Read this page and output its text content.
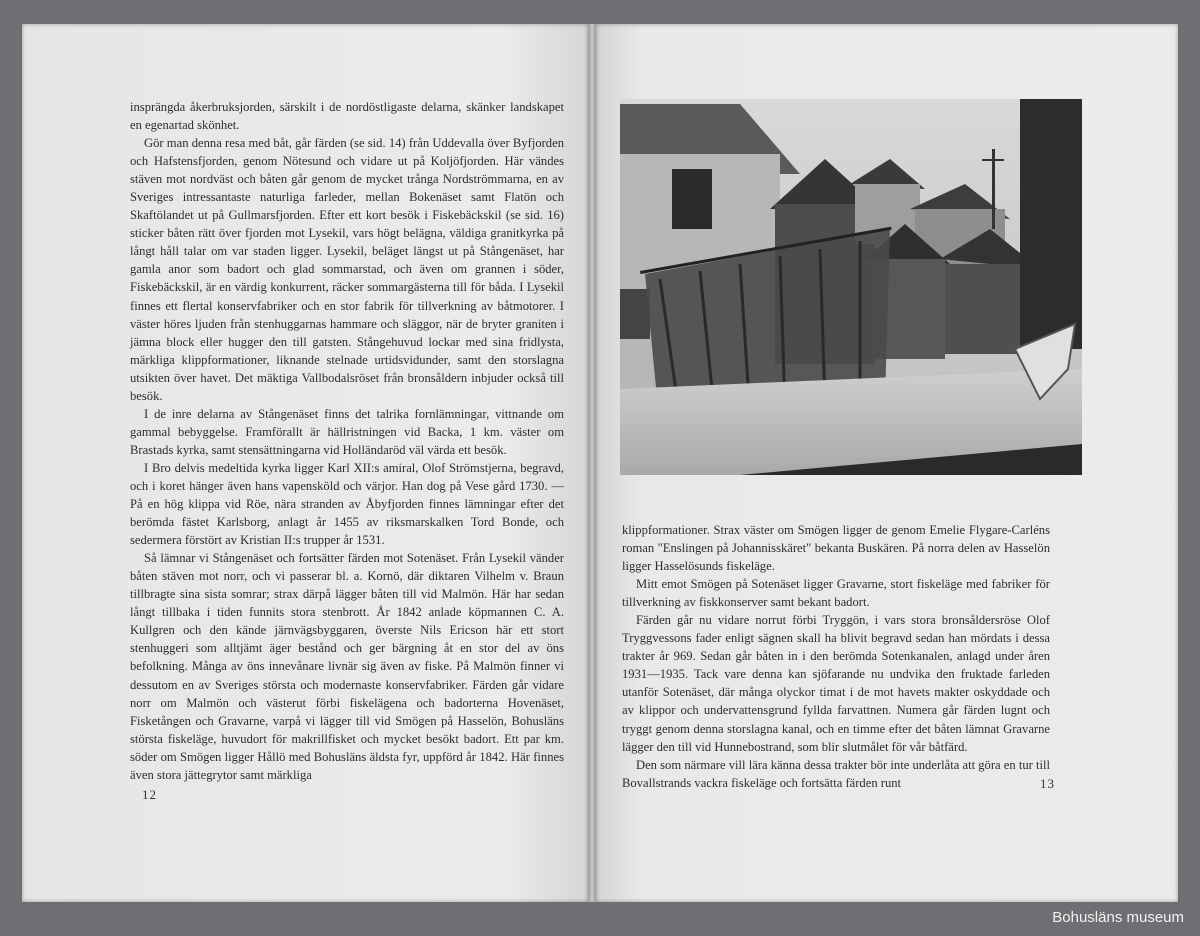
insprängda åkerbruksjorden, särskilt i de nordöstligaste delarna, skänker landskapet en egenartad skönhet.

Gör man denna resa med båt, går färden (se sid. 14) från Uddevalla över Byfjorden och Hafstensfjorden, genom Nötesund och vidare ut på Koljöfjorden. Här vändes stäven mot nordväst och båten går genom de mycket trånga Nordströmmarna, en av Sveriges intressantaste naturliga farleder, mellan Bokenäset samt Flatön och Skaftölandet ut på Gullmarsfjorden. Efter ett kort besök i Fiskebäckskil (se sid. 16) sticker båten rätt över fjorden mot Lysekil, vars högt belägna, väldiga granitkyrka på långt håll talar om var staden ligger. Lysekil, beläget längst ut på Stångenäset, har gamla anor som badort och glad sommarstad, och även om grannen i söder, Fiskebäckskil, är en värdig konkurrent, räcker sommargästerna till för båda. I Lysekil finnes ett flertal konservfabriker och en stor fabrik för tillverkning av båtmotorer. I väster höres ljuden från stenhuggarnas hammare och släggor, när de bryter graniten i jämna block eller hugger den till gatsten. Stångehuvud lockar med sina fridlysta, märkliga klippformationer, liknande stelnade urtidsvidunder, samt den storslagna utsikten över havet. Det mäktiga Vallbodalsröset från bronsåldern inbjuder också till besök.

I de inre delarna av Stångenäset finns det talrika fornlämningar, vittnande om gammal bebyggelse. Framförallt är hällristningen vid Backa, 1 km. väster om Brastads kyrka, samt stensättningarna vid Holländaröd väl värda ett besök.

I Bro delvis medeltida kyrka ligger Karl XII:s amiral, Olof Strömstjerna, begravd, och i koret hänger även hans vapensköld och värjor. Han dog på Vese gård 1730. — På en hög klippa vid Röe, nära stranden av Åbyfjorden finnes lämningar efter det berömda fästet Karlsborg, anlagt år 1455 av riksmarskalken Tord Bonde, och sedermera förstört av Kristian II:s trupper år 1531.

Så lämnar vi Stångenäset och fortsätter färden mot Sotenäset. Från Lysekil vänder båten stäven mot norr, och vi passerar bl. a. Kornö, där diktaren Vilhelm v. Braun tillbragte sina sista somrar; strax därpå lägger båten till vid Malmön. Här har sedan långt tillbaka i tiden funnits stora stenbrott. År 1842 anlade köpmannen C. A. Kullgren och den kände järnvägsbyggaren, överste Nils Ericson här ett stort stenhuggeri som alltjämt äger bestånd och ger bärgning åt en stor del av öns befolkning. Många av öns innevånare livnär sig även av fiske. På Malmön finner vi dessutom en av Sveriges största och modernaste konservfabriker. Färden går vidare norr om Malmön och västerut förbi fiskelägena och badorterna Hovenäset, Fisketången och Gravarne, varpå vi lägger till vid Smögen på Hasselön, Bohusläns största fiskeläge, huvudort för makrillfisket och mycket besökt badort. Ett par km. söder om Smögen ligger Hållö med Bohusläns äldsta fyr, uppförd år 1842. Här finnes även stora jättegrytor samt märkliga

12

klippformationer. Strax väster om Smögen ligger de genom Emelie Flygare-Carléns roman "Enslingen på Johannisskäret" bekanta Buskären. På norra delen av Hasselön ligger Hasselösunds fiskeläge.

Mitt emot Smögen på Sotenäset ligger Gravarne, stort fiskeläge med fabriker för tillverkning av fiskkonserver samt bekant badort.

Färden går nu vidare norrut förbi Tryggön, i vars stora bronsåldersröse Olof Tryggvessons fader enligt sägnen skall ha blivit begravd sedan han mördats i dessa trakter år 969. Sedan går båten in i den berömda Sotenkanalen, anlagd under åren 1931—1935. Tack vare denna kan sjöfarande nu undvika den fruktade farleden utanför Sotenäset, där många olyckor timat i de mot havets makter oskyddade och av klippor och undervattensgrund fyllda farvattnen. Numera går färden lugnt och tryggt genom denna storslagna kanal, och en timme efter det båten lämnat Gravarne lägger den till vid Hunnebostrand, som blir slutmålet för vår båtfärd.

Den som närmare vill lära känna dessa trakter bör inte underlåta att göra en tur till Bovallstrands vackra fiskeläge och fortsätta färden runt	13
Bohusläns museum
